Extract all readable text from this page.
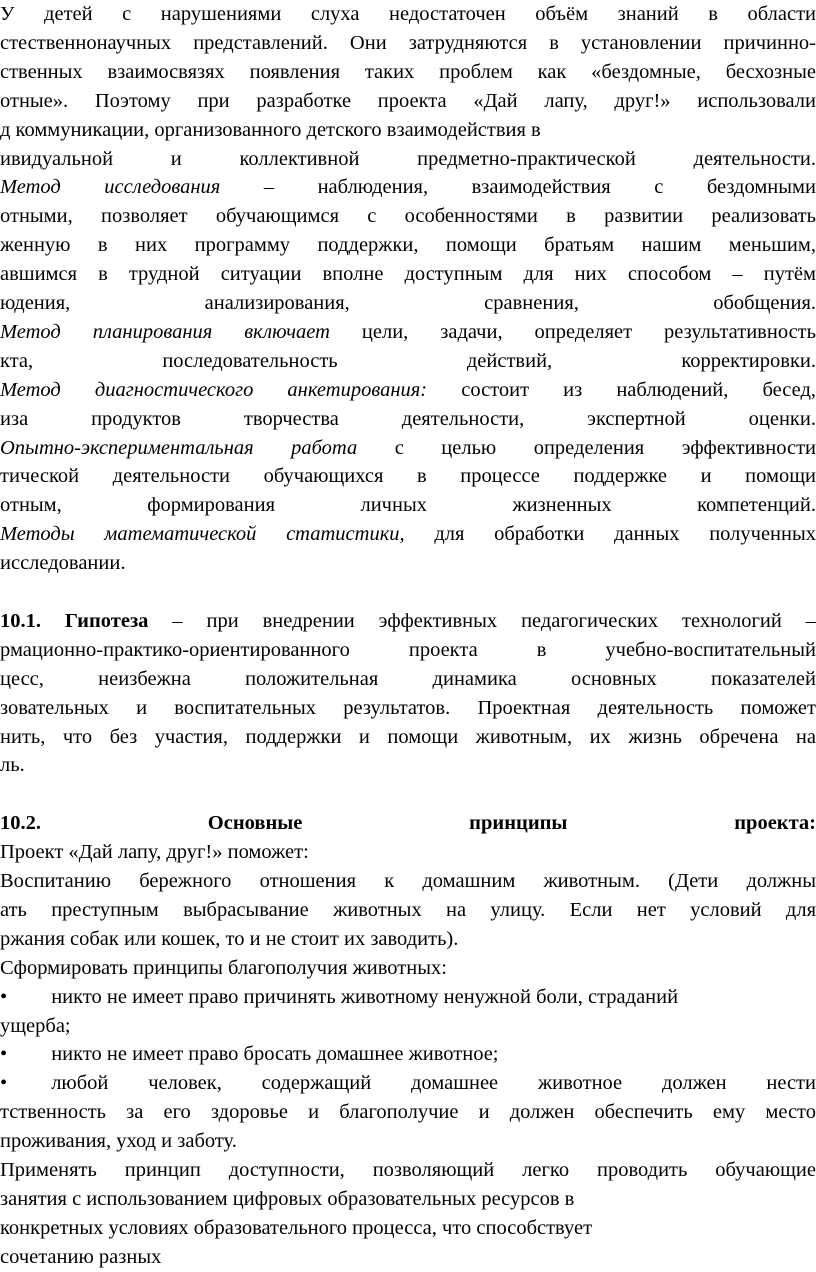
У детей с нарушениями слуха недостаточен объём знаний в области
стественнонаучных представлений. Они затрудняются в установлении причинно-
ственных взаимосвязях появления таких проблем как «бездомные, бесхозные
отные». Поэтому при разработке проекта «Дай лапу, друг!» использовали
д коммуникации, организованного детского взаимодействия в
ивидуальной и коллективной предметно-практической деятельности.
Метод исследования – наблюдения, взаимодействия с бездомными
отными, позволяет обучающимся с особенностями в развитии реализовать
женную в них программу поддержки, помощи братьям нашим меньшим,
авшимся в трудной ситуации вполне доступным для них способом – путём
юдения, анализирования, сравнения, обобщения.
Метод планирования включает цели, задачи, определяет результативность
кта, последовательность действий, корректировки.
Метод диагностического анкетирования: состоит из наблюдений, бесед,
иза продуктов творчества деятельности, экспертной оценки.
Опытно-экспериментальная работа с целью определения эффективности
тической деятельности обучающихся в процессе поддержке и помощи
отным, формирования личных жизненных компетенций.
Методы математической статистики, для обработки данных полученных
исследовании.
10.1. Гипотеза – при внедрении эффективных педагогических технологий –
рмационно-практико-ориентированного проекта в учебно-воспитательный
цесс, неизбежна положительная динамика основных показателей
зовательных и воспитательных результатов. Проектная деятельность поможет
нить, что без участия, поддержки и помощи животным, их жизнь обречена на
ль.
10.2.	Основные принципы проекта:
Проект «Дай лапу, друг!» поможет:
Воспитанию бережного отношения к домашним животным. (Дети должны
ать преступным выбрасывание животных на улицу. Если нет условий для
ржания собак или кошек, то и не стоит их заводить).
Сформировать принципы благополучия животных:
• никто не имеет право причинять животному ненужной боли, страданий
ущерба;
• никто не имеет право бросать домашнее животное;
• любой человек, содержащий домашнее животное должен нести
тственность за его здоровье и благополучие и должен обеспечить ему место
проживания, уход и заботу.
Применять принцип доступности, позволяющий легко проводить обучающие
занятия с использованием цифровых образовательных ресурсов в
конкретных условиях образовательного процесса, что способствует
сочетанию разных
